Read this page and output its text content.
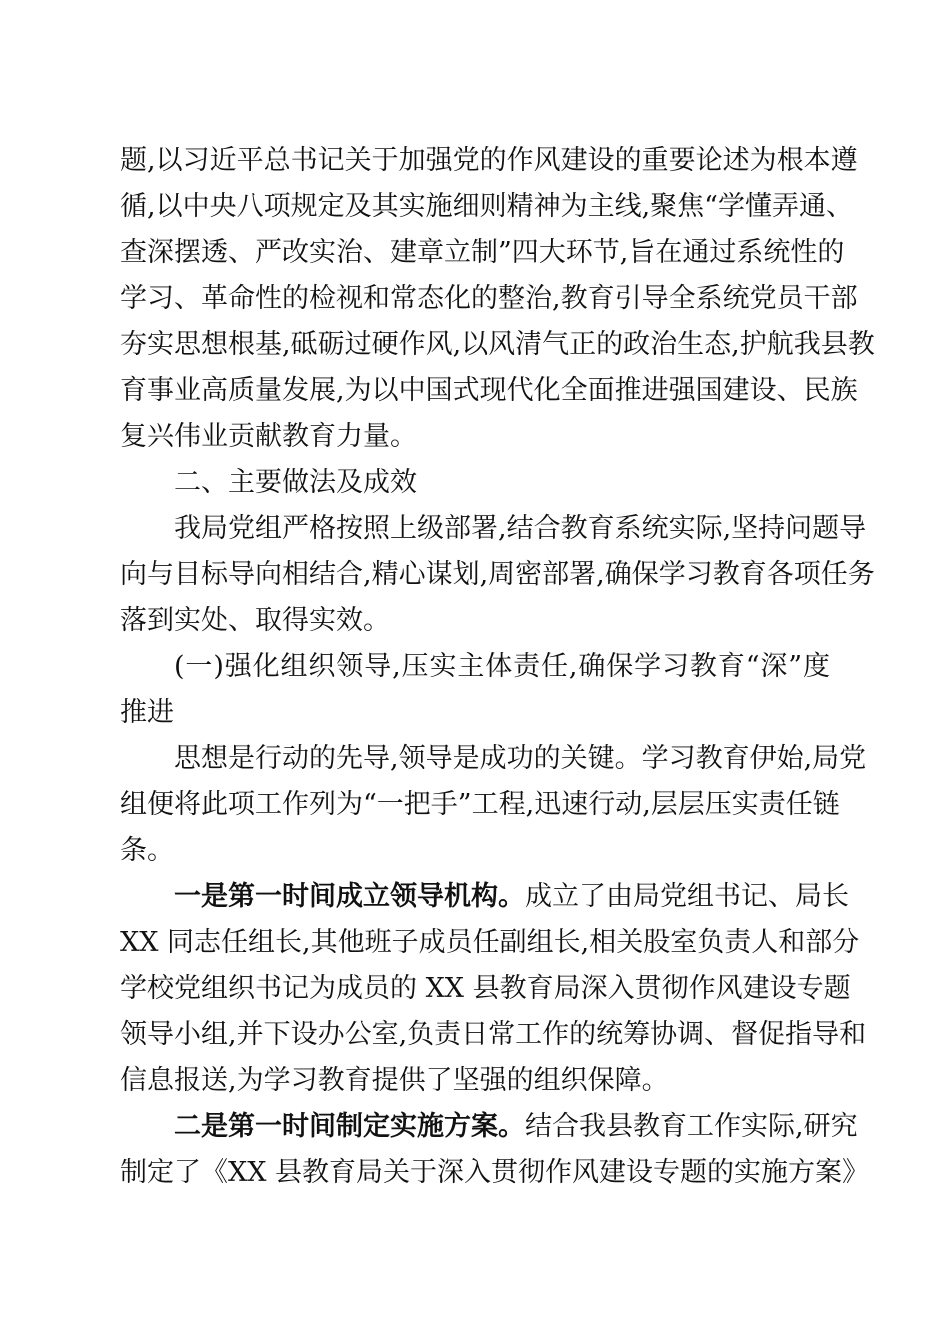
题,以习近平总书记关于加强党的作风建设的重要论述为根本遵
循,以中央八项规定及其实施细则精神为主线,聚焦“学懂弄通、
查深摆透、严改实治、建章立制”四大环节,旨在通过系统性的
学习、革命性的检视和常态化的整治,教育引导全系统党员干部
夯实思想根基,砥砺过硬作风,以风清气正的政治生态,护航我县教
育事业高质量发展,为以中国式现代化全面推进强国建设、民族
复兴伟业贡献教育力量。
二、主要做法及成效
我局党组严格按照上级部署,结合教育系统实际,坚持问题导
向与目标导向相结合,精心谋划,周密部署,确保学习教育各项任务
落到实处、取得实效。
(一)强化组织领导,压实主体责任,确保学习教育“深”度
推进
思想是行动的先导,领导是成功的关键。学习教育伊始,局党
组便将此项工作列为“一把手”工程,迅速行动,层层压实责任链
条。
一是第一时间成立领导机构。成立了由局党组书记、局长
XX 同志任组长,其他班子成员任副组长,相关股室负责人和部分
学校党组织书记为成员的 XX 县教育局深入贯彻作风建设专题
领导小组,并下设办公室,负责日常工作的统筹协调、督促指导和
信息报送,为学习教育提供了坚强的组织保障。
二是第一时间制定实施方案。结合我县教育工作实际,研究
制定了《XX 县教育局关于深入贯彻作风建设专题的实施方案》
